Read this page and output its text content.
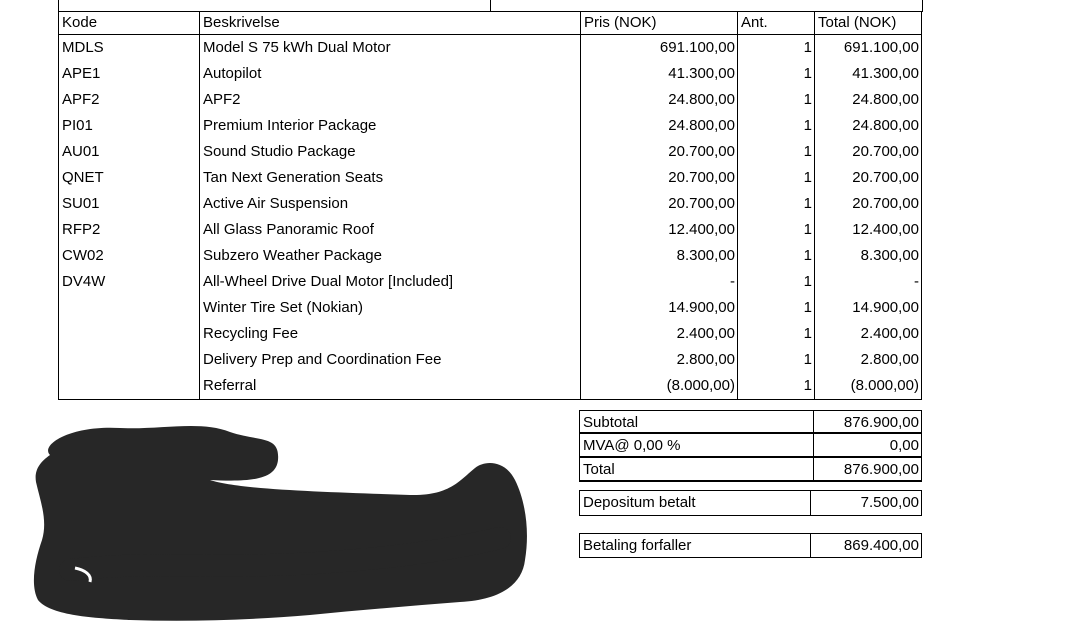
Kode	Beskrivelse	Pris (NOK)	Ant.	Total (NOK)
MDLS	Model S 75 kWh Dual Motor	691.100,00	1	691.100,00
APE1	Autopilot	41.300,00	1	41.300,00
APF2	APF2	24.800,00	1	24.800,00
PI01	Premium Interior Package	24.800,00	1	24.800,00
AU01	Sound Studio Package	20.700,00	1	20.700,00
QNET	Tan Next Generation Seats	20.700,00	1	20.700,00
SU01	Active Air Suspension	20.700,00	1	20.700,00
RFP2	All Glass Panoramic Roof	12.400,00	1	12.400,00
CW02	Subzero Weather Package	8.300,00	1	8.300,00
DV4W	All-Wheel Drive Dual Motor [Included]	-	1	-
	Winter Tire Set (Nokian)	14.900,00	1	14.900,00
	Recycling Fee	2.400,00	1	2.400,00
	Delivery Prep and Coordination Fee	2.800,00	1	2.800,00
	Referral	(8.000,00)	1	(8.000,00)
Subtotal	876.900,00
MVA@ 0,00 %	0,00
Total	876.900,00
Depositum betalt	7.500,00
Betaling forfaller	869.400,00
